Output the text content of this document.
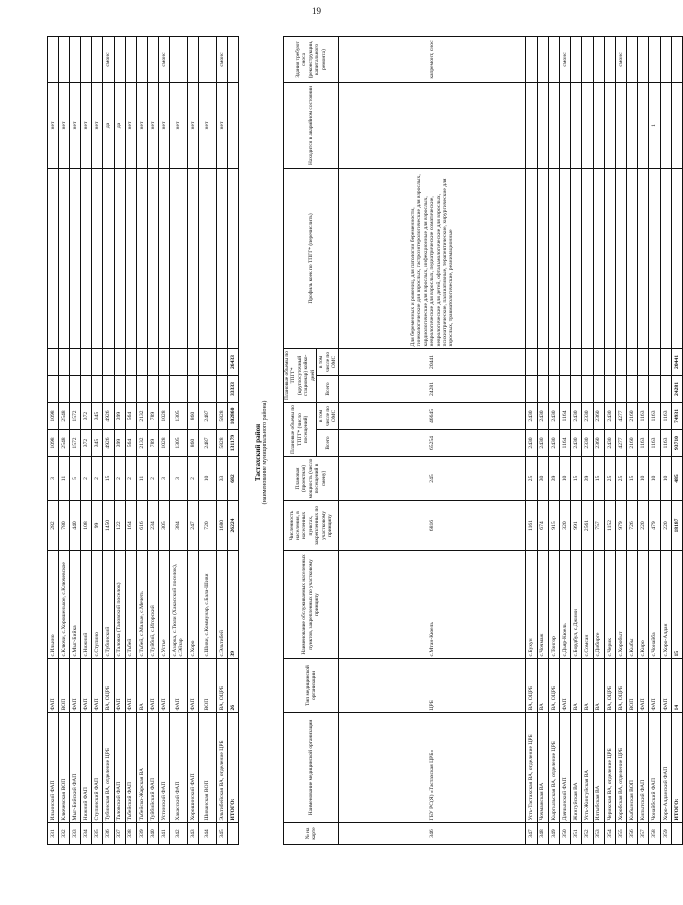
19
331	Ильинский ФАП	ФАП	с.Ильино	282	3	1098	1098				нет	
332	Ключевская ВОП	ВОП	с.Ключи, с.Хорошенькое, с.Ключевское	780	11	2548	2548				нет	
333	Мыг-Бийский ФАП	ФАП	с.Мыг-Бийка	440	5	1572	1572				нет	
334	Нижний ФАП	ФАП	с.Нижний	108	2	372	372				нет	
335	Ступинский ФАП	ФАП	с.Ступино	99	2	345	345				нет	
336	Тубинская ВА, отделение ЦРБ	ВА, ОЦРБ	с.Тубинский	1450	15	4926	4926				да	смонс
337	Таловский ФАП	ФАП	с.Таловка (Таловский поселок)	122	2	399	399				да	
338	Тьбейский ФАП	ФАП	с.Тьбей	164	2	564	564				нет	
339	Тьбейско-Жарская ВА	ВА	с.Тьбей, с.Малые, с.Мечеть	616	11	2132	2132				нет	
340	Туйбийский ФАП	ФАП	с.Туйбий, с.Игорский	234	2	789	789				нет	
341	Устинский ФАП	ФАП	с.Устье	305	3	1028	1028				нет	смонс
342	Хакасский ФАП	ФАП	с.Азарка, с.Тюли (Хакасский поселок), с.Эйзар	384	3	1305	1305				нет	
343	Хорошинский ФАП	ФАП	с.Хоро	247	2	860	860				нет	
344	Шиванская ВОП	ВОП	с.Шиви, с.Коммунар, с.Бала-Шиви	720	10	2487	2487				нет	
345	Эльтибейская ВА, отделение ЦРБ	ВА, ОЦРБ	с.Эльтибей	1680	33	5828	5828				нет	смонс
	ИТОГО:	26	39	26224	682	131179	102860	33333	26433			
Тастахский район (наименование муниципального района)
№ на карте	Наименование медицинской организации	Тип медицинской организации	Наименование обслуживаемых населенных пунктов, закрепленных по участковому принципу	Численность населения, в населенных пунктах, закрепленных по участковому принципу	Плановая (проектная) мощность (число посещений в смену)	Плановые объемы по ТПГГ* (число посещений)		Плановые объемы по ТПГГ* (круглосуточный стационар) койко-дней		Профиль коек по ТПГГ* (перечислить)	Находится в аварийном состоянии	Здания требуют сноса (реконструкции, капитального ремонта)
						Всего	в том числе по ОМС	Всего	в том числе по ОМС			
346	ГБУ РС(Я) «Тастахская ЦРБ»	ЦРБ	с.Мтан-Кюель	6816	245	65254	46645	24281	20441	Для беременных и рожениц, для патологии беременности, гинекологические для взрослых, гастроэнтерологические для взрослых, кардиологические для взрослых, инфекционные для взрослых, неврологические для взрослых, педиатрические соматические, неврологические для детей, офтальмологические для взрослых, психиатрические, паллиативные, терапевтические, хирургические для взрослых, травматологические, реанимационные		капремонт, снос
347	Усть-Тастахская ВА, отделение ЦРБ	ВА, ОЦРБ	с.Бухун	1161	25	2430	2430					
348	Чочмажская ВА	ВА	с.Чочмаж	674	30	2430	2430					
349	Кыргыльская ВА, отделение ЦРБ	ВА, ОЦРБ	с.Тонгор	915	39	2430	2430					
350	Даччынский ФАП	ФАП	с.Дьяр-Кюель	320	10	1164	1164					смонс
351	Жингуйская ВА	ВА	с.Бордбул, с.Джими	991	15	2430	2430					
352	Усть-Жингуйская ВА	ВА	с.Сомсан	2561	39	2330	2330					
353	Илтыбская ВА	ВА	с.Дибирге	757	15	2360	2360					
354	Черикская ВА, отделение ЦРБ	ВА, ОЦРБ	с.Черик	1152	25	2430	2430					
355	Хоробская ВА, отделение ЦРБ	ВА, ОЦРБ	с.Хоробыт	979	25	4277	4277					смонс
356	Кыбынская ВОП	ВОП	с.Кыбы	726	15	2160	2160					
357	Кипытский ФАП	ФАП	с.Киро	220	10	1163	1163					
358	Чонайбский ФАП	ФАП	с.Чонайба	479	10	1163	1163				1	
359	Хоро-Алданский ФАП	ФАП	с.Хоро-Алдан	220	10	1163	1163					
	ИТОГО:	14	15	18187	485	93710	74931	24281	20441			
